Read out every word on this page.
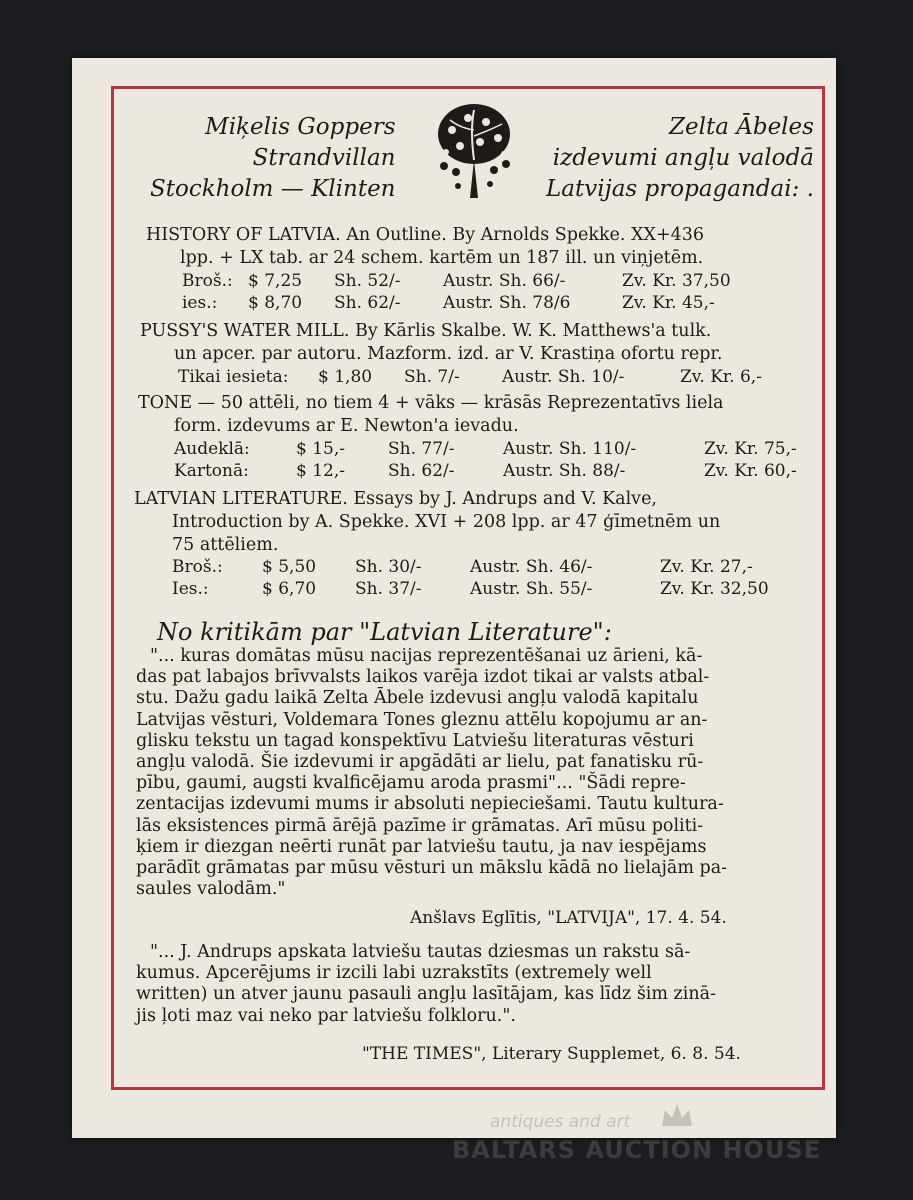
Miķelis Goppers
Strandvillan
Stockholm — Klinten
Zelta Ābeles
izdevumi angļu valodā
Latvijas propagandai: .
HISTORY OF LATVIA. An Outline. By Arnolds Spekke. XX+436
lpp. + LX tab. ar 24 schem. kartēm un 187 ill. un viņjetēm.
Broš.: $ 7,25 Sh. 52/- Austr. Sh. 66/-	Zv. Kr. 37,50
ies.: $ 8,70 Sh. 62/- Austr. Sh. 78/6	Zv. Kr. 45,-
PUSSY'S WATER MILL. By Kārlis Skalbe. W. K. Matthews'a tulk.
un apcer. par autoru. Mazform. izd. ar V. Krastiņa ofortu repr.
Tikai iesieta: $ 1,80 Sh. 7/- Austr. Sh. 10/-	Zv. Kr. 6,-
TONE — 50 attēli, no tiem 4 + vāks — krāsās Reprezentatīvs liela
form. izdevums ar E. Newton'a ievadu.
Audeklā:	$ 15,-	Sh. 77/-	Austr. Sh. 110/-	Zv. Kr. 75,-
Kartonā:	$ 12,-	Sh. 62/-	Austr. Sh. 88/-	Zv. Kr. 60,-
LATVIAN LITERATURE. Essays by J. Andrups and V. Kalve,
Introduction by A. Spekke. XVI + 208 lpp. ar 47 ģīmetnēm un
75 attēliem.
Broš.: $ 5,50 Sh. 30/-	Austr. Sh. 46/-	Zv. Kr. 27,-
Ies.:	$ 6,70 Sh. 37/-	Austr. Sh. 55/-	Zv. Kr. 32,50
No kritikām par "Latvian Literature":
"... kuras domātas mūsu nacijas reprezentēšanai uz ārieni, kā-
das pat labajos brīvvalsts laikos varēja izdot tikai ar valsts atbal-
stu. Dažu gadu laikā Zelta Ābele izdevusi angļu valodā kapitalu
Latvijas vēsturi, Voldemara Tones gleznu attēlu kopojumu ar an-
glisku tekstu un tagad konspektīvu Latviešu literaturas vēsturi
angļu valodā. Šie izdevumi ir apgādāti ar lielu, pat fanatisku rū-
pību, gaumi, augsti kvalficējamu aroda prasmi"... "Šādi repre-
zentacijas izdevumi mums ir absoluti nepieciešami. Tautu kultura-
lās eksistences pirmā ārējā pazīme ir grāmatas. Arī mūsu politi-
ķiem ir diezgan neērti runāt par latviešu tautu, ja nav iespējams
parādīt grāmatas par mūsu vēsturi un mākslu kādā no lielajām pa-
saules valodām."
Anšlavs Eglītis, "LATVIJA", 17. 4. 54.
"... J. Andrups apskata latviešu tautas dziesmas un rakstu sā-
kumus. Apcerējums ir izcili labi uzrakstīts (extremely well
written) un atver jaunu pasauli angļu lasītājam, kas līdz šim zinā-
jis ļoti maz vai neko par latviešu folkloru.".
"THE TIMES", Literary Supplemet, 6. 8. 54.
antiques and art
BALTARS AUCTION HOUSE
